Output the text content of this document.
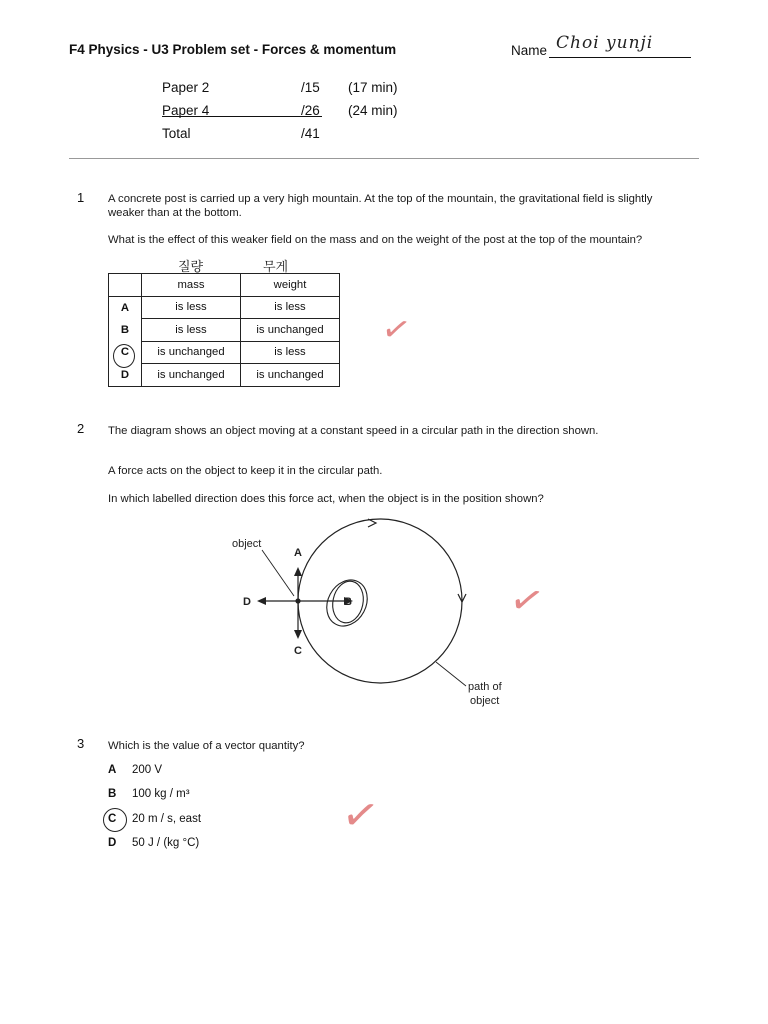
F4 Physics - U3 Problem set - Forces & momentum	Name Choi yunji
Paper 2	/15 (17 min)
Paper 4	/26 (24 min)
Total	/41
1 A concrete post is carried up a very high mountain. At the top of the mountain, the gravitational field is slightly weaker than at the bottom.
What is the effect of this weaker field on the mass and on the weight of the post at the top of the mountain?
질량	무게
	mass	weight
A	is less	is less
B	is less	is unchanged
C	is unchanged	is less
D	is unchanged	is unchanged
✓
2 The diagram shows an object moving at a constant speed in a circular path in the direction shown.
A force acts on the object to keep it in the circular path.
In which labelled direction does this force act, when the object is in the position shown?
object
A
B
C
D
path of
object
✓
3 Which is the value of a vector quantity?
A 200 V
B 100 kg / m³
C 20 m / s, east
D 50 J / (kg °C)	✓
